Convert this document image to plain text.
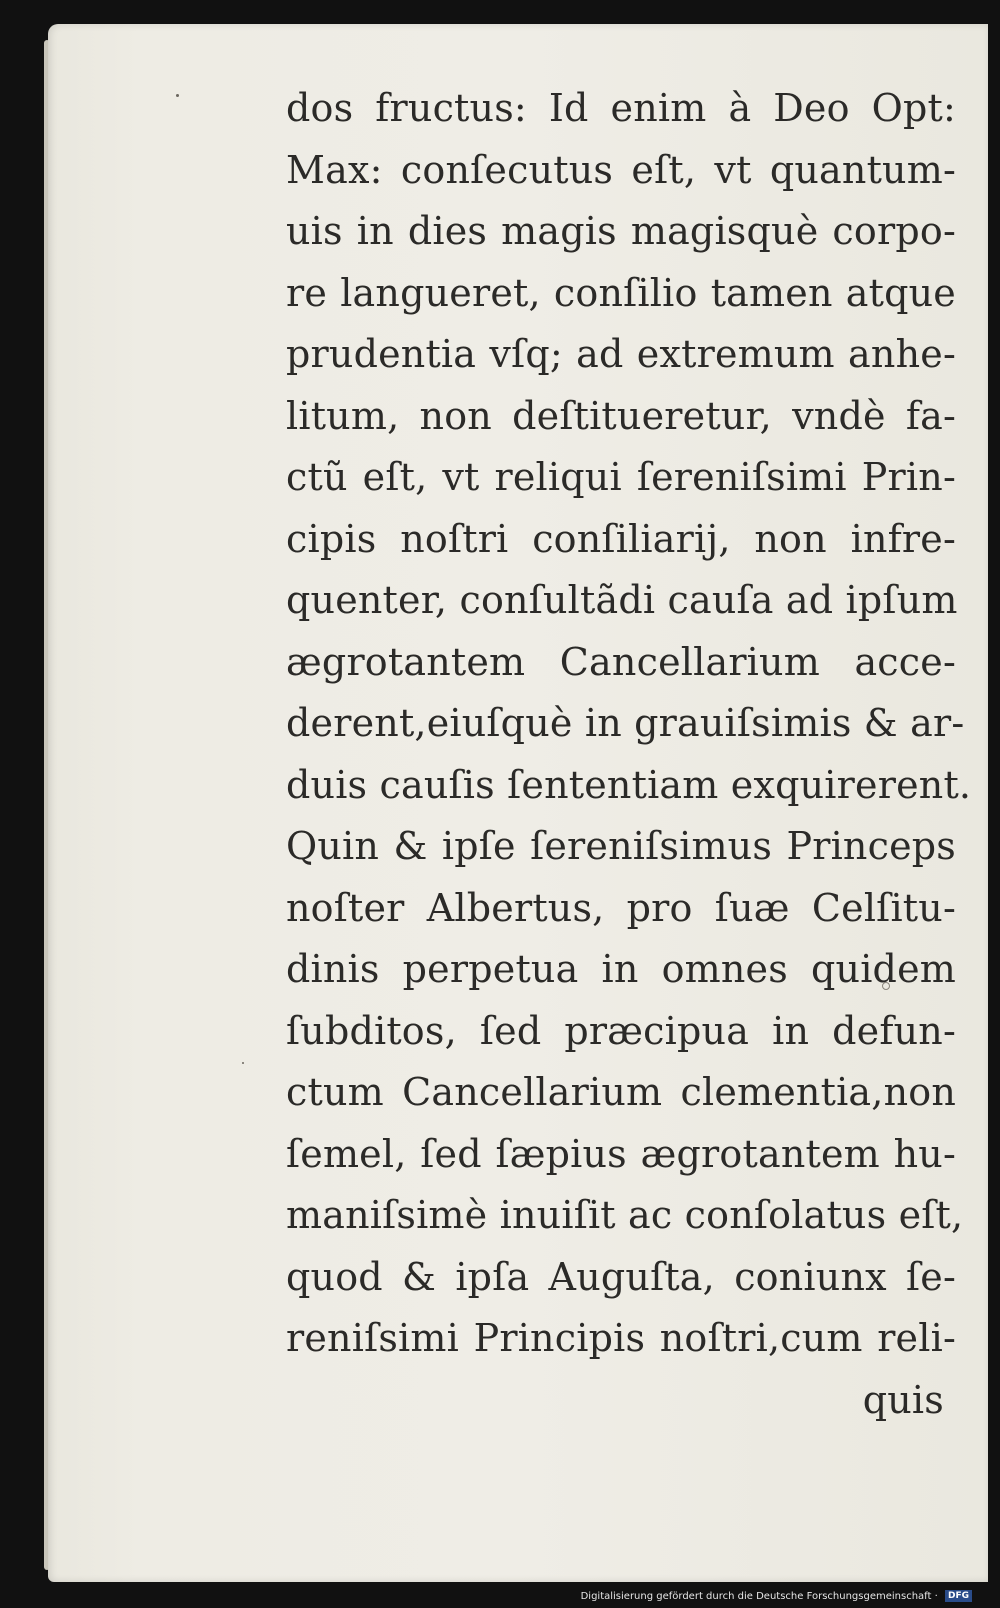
dos fructus: Id enim à Deo Opt:
Max: conſecutus eſt, vt quantum-
uis in dies magis magisquè corpo-
re langueret, conſilio tamen atque
prudentia vſq; ad extremum anhe-
litum, non deſtitueretur, vndè fa-
ctũ eſt, vt reliqui ſereniſsimi Prin-
cipis noſtri conſiliarij, non infre-
quenter, conſultãdi cauſa ad ipſum
ægrotantem Cancellarium acce-
derent,eiuſquè in grauiſsimis & ar-
duis cauſis ſententiam exquirerent.
Quin & ipſe ſereniſsimus Princeps
noſter Albertus, pro ſuæ Celſitu-
dinis perpetua in omnes quidem
ſubditos, ſed præcipua in defun-
ctum Cancellarium clementia,non
ſemel, ſed ſæpius ægrotantem hu-
maniſsimè inuiſit ac conſolatus eſt,
quod & ipſa Auguſta, coniunx ſe-
reniſsimi Principis noſtri,cum reli-
quis
Digitalisierung gefördert durch die Deutsche Forschungsgemeinschaft · DFG
